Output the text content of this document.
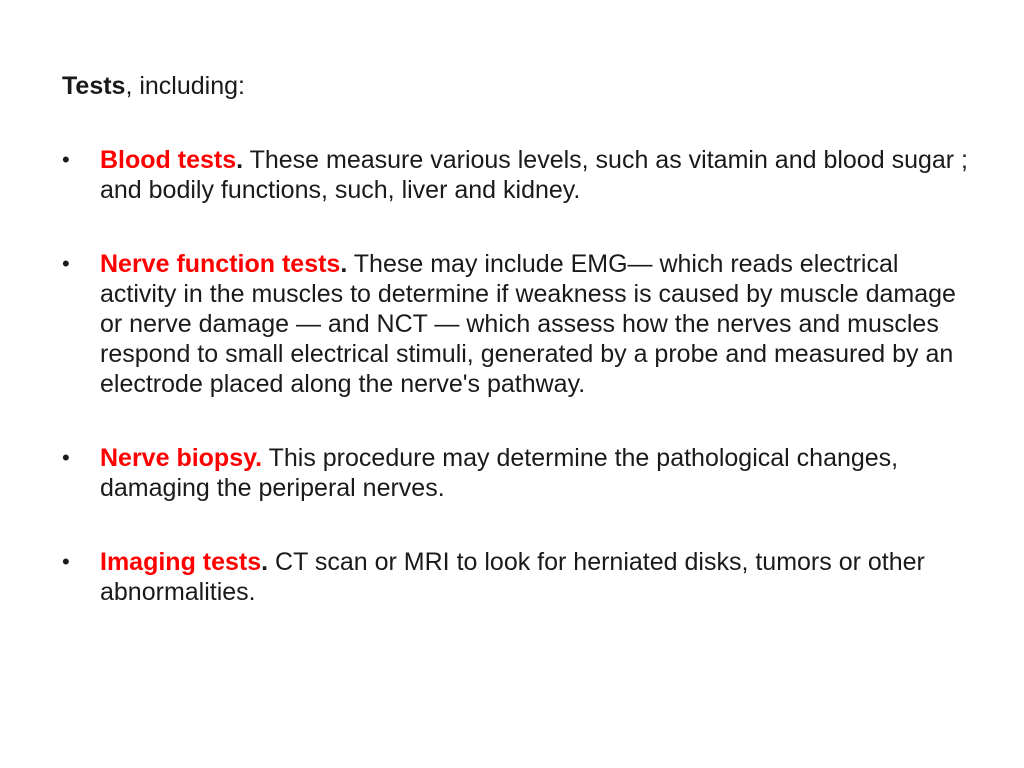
Tests, including:
•	Blood tests. These measure various levels, such as vitamin and blood sugar ; and bodily functions, such, liver and kidney.
•	Nerve function tests. These may include EMG— which reads electrical activity in the muscles to determine if weakness is caused by muscle damage or nerve damage — and NCT — which assess how the nerves and muscles respond to small electrical stimuli, generated by a probe and measured by an electrode placed along the nerve's pathway.
•	Nerve biopsy. This procedure may determine the pathological changes, damaging the periperal nerves.
•	Imaging tests. CT scan or MRI to look for herniated disks, tumors or other abnormalities.
